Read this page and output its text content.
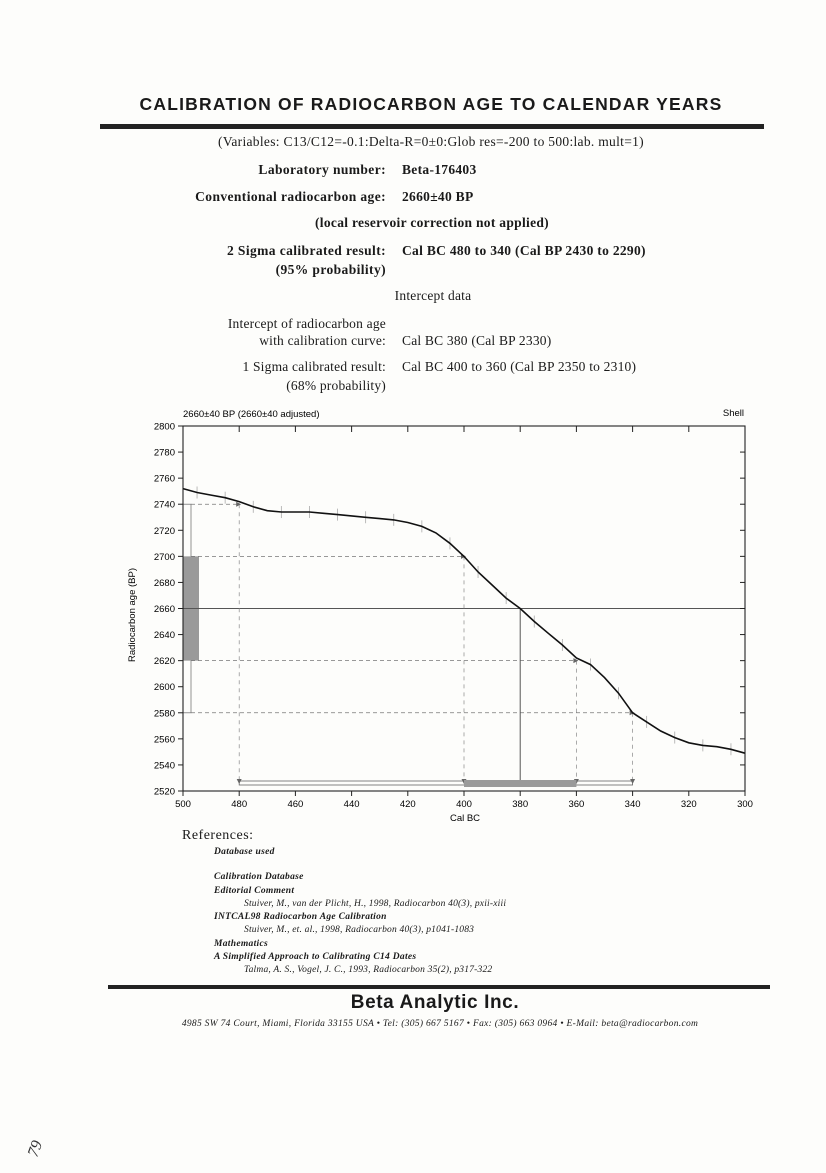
CALIBRATION OF RADIOCARBON AGE TO CALENDAR YEARS
(Variables: C13/C12=-0.1:Delta-R=0±0:Glob res=-200 to 500:lab. mult=1)
Laboratory number: Beta-176403
Conventional radiocarbon age: 2660±40 BP
(local reservoir correction not applied)
2 Sigma calibrated result: Cal BC 480 to 340 (Cal BP 2430 to 2290)
(95% probability)
Intercept data
Intercept of radiocarbon age
with calibration curve: Cal BC 380 (Cal BP 2330)
1 Sigma calibrated result: Cal BC 400 to 360 (Cal BP 2350 to 2310)
(68% probability)
2660±40 BP (2660±40 adjusted)	Shell
Radiocarbon age (BP)
Cal BC
2800
2780
2760
2740
2720
2700
2680
2660
2640
2620
2600
2580
2560
2540
2520
500	480	460	440	420	400	380	360	340	320	300
References:
Database used
Calibration Database
Editorial Comment
Stuiver, M., van der Plicht, H., 1998, Radiocarbon 40(3), pxii-xiii
INTCAL98 Radiocarbon Age Calibration
Stuiver, M., et. al., 1998, Radiocarbon 40(3), p1041-1083
Mathematics
A Simplified Approach to Calibrating C14 Dates
Talma, A. S., Vogel, J. C., 1993, Radiocarbon 35(2), p317-322
Beta Analytic Inc.
4985 SW 74 Court, Miami, Florida 33155 USA • Tel: (305) 667 5167 • Fax: (305) 663 0964 • E-Mail: beta@radiocarbon.com
79
